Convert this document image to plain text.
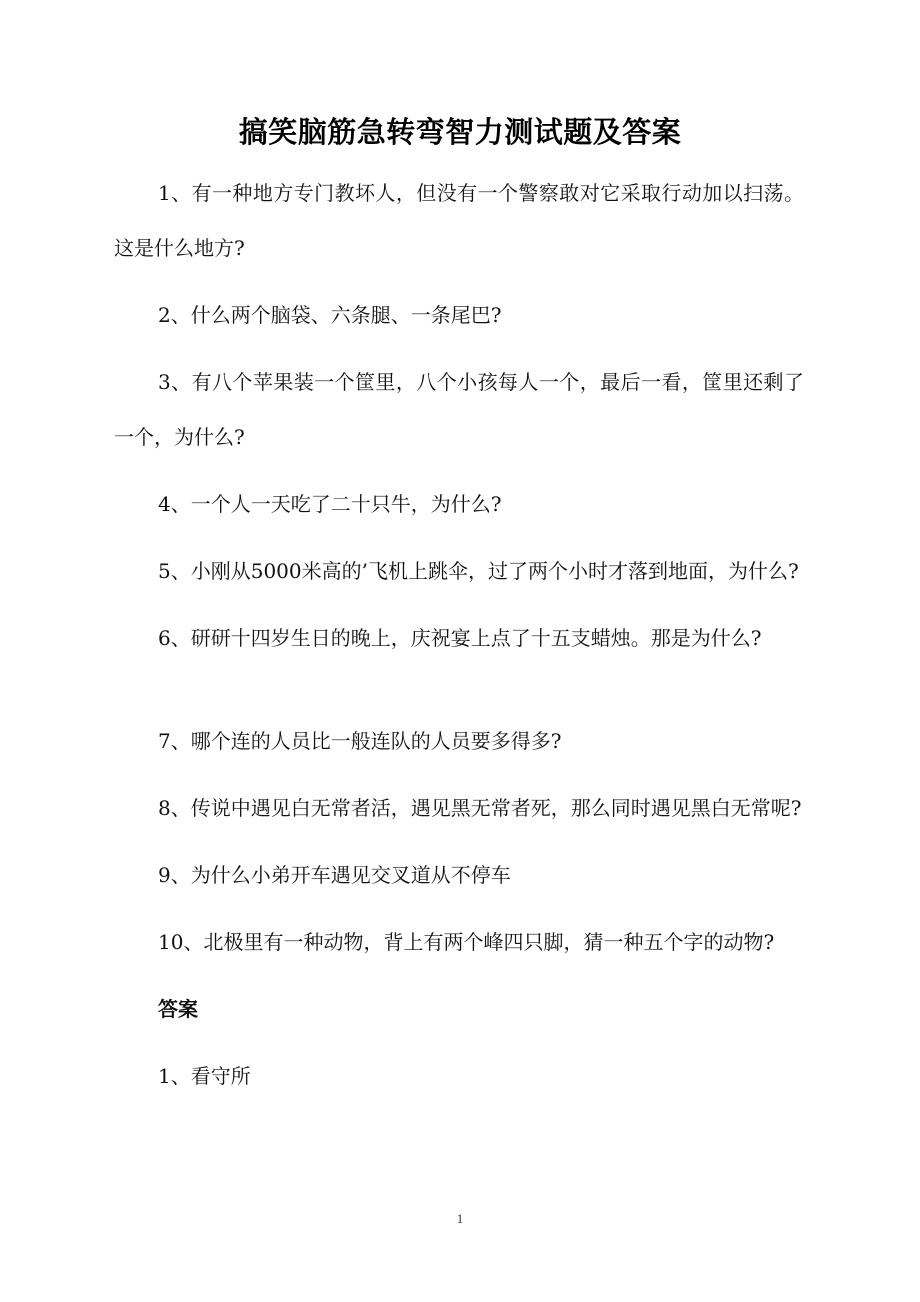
搞笑脑筋急转弯智力测试题及答案

1、有一种地方专门教坏人，但没有一个警察敢对它采取行动加以扫荡。这是什么地方?

2、什么两个脑袋、六条腿、一条尾巴?

3、有八个苹果装一个筐里，八个小孩每人一个，最后一看，筐里还剩了一个，为什么?

4、一个人一天吃了二十只牛，为什么?

5、小刚从5000米高的’飞机上跳伞，过了两个小时才落到地面，为什么?

6、研研十四岁生日的晚上，庆祝宴上点了十五支蜡烛。那是为什么?

7、哪个连的人员比一般连队的人员要多得多?

8、传说中遇见白无常者活，遇见黑无常者死，那么同时遇见黑白无常呢?

9、为什么小弟开车遇见交叉道从不停车

10、北极里有一种动物，背上有两个峰四只脚，猜一种五个字的动物?

答案

1、看守所

1
